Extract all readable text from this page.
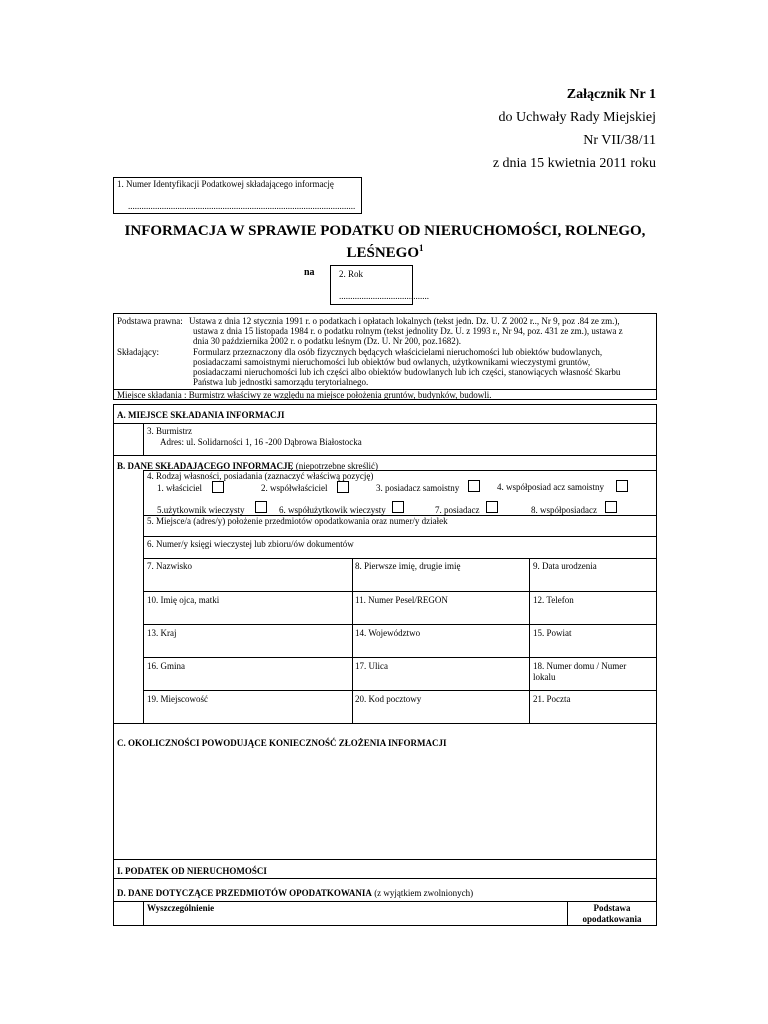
Załącznik Nr 1
do Uchwały Rady Miejskiej
Nr VII/38/11
z dnia 15 kwietnia 2011 roku
1. Numer Identyfikacji Podatkowej składającego informację
.....................................................................................................
INFORMACJA W SPRAWIE PODATKU OD NIERUCHOMOŚCI, ROLNEGO,
LEŚNEGO$^1$
na	2. Rok
........................................
Podstawa prawna: Ustawa z dnia 12 stycznia 1991 r. o podatkach i opłatach lokalnych (tekst jedn. Dz. U. Z 2002 r.., Nr 9, poz .84 ze zm.),
ustawa z dnia 15 listopada 1984 r. o podatku rolnym (tekst jednolity Dz. U. z 1993 r., Nr 94, poz. 431 ze zm.), ustawa z
dnia 30 października 2002 r. o podatku leśnym (Dz. U. Nr 200, poz.1682).
Składający:	Formularz przeznaczony dla osób fizycznych będących właścicielami nieruchomości lub obiektów budowlanych,
posiadaczami samoistnymi nieruchomości lub obiektów bud owlanych, użytkownikami wieczystymi gruntów,
posiadaczami nieruchomości lub ich części albo obiektów budowlanych lub ich części, stanowiących własność Skarbu
Państwa lub jednostki samorządu terytorialnego.
Miejsce składania : Burmistrz właściwy ze względu na miejsce położenia gruntów, budynków, budowli.
A. MIEJSCE SKŁADANIA INFORMACJI
3. Burmistrz
Adres: ul. Solidarności 1, 16 -200 Dąbrowa Białostocka
B. DANE SKŁADAJĄCEGO INFORMACJĘ (niepotrzebne skreślić)
4. Rodzaj własności, posiadania (zaznaczyć właściwą pozycję)
1. właściciel	2. współwłaściciel	3. posiadacz samoistny	4. współposiad acz samoistny
5.użytkownik wieczysty	6. współużytkowik wieczysty	7. posiadacz	8. współposiadacz
5. Miejsce/a (adres/y) położenie przedmiotów opodatkowania oraz numer/y działek
6. Numer/y księgi wieczystej lub zbioru/ów dokumentów
7. Nazwisko	8. Pierwsze imię, drugie imię	9. Data urodzenia
10. Imię ojca, matki	11. Numer Pesel/REGON	12. Telefon
13. Kraj	14. Województwo	15. Powiat
16. Gmina	17. Ulica	18. Numer domu / Numer lokalu
19. Miejscowość	20. Kod pocztowy	21. Poczta
C. OKOLICZNOŚCI POWODUJĄCE KONIECZNOŚĆ ZŁOŻENIA INFORMACJI
I. PODATEK OD NIERUCHOMOŚCI
D. DANE DOTYCZĄCE PRZEDMIOTÓW OPODATKOWANIA (z wyjątkiem zwolnionych)
Wyszczególnienie	Podstawa
opodatkowania
